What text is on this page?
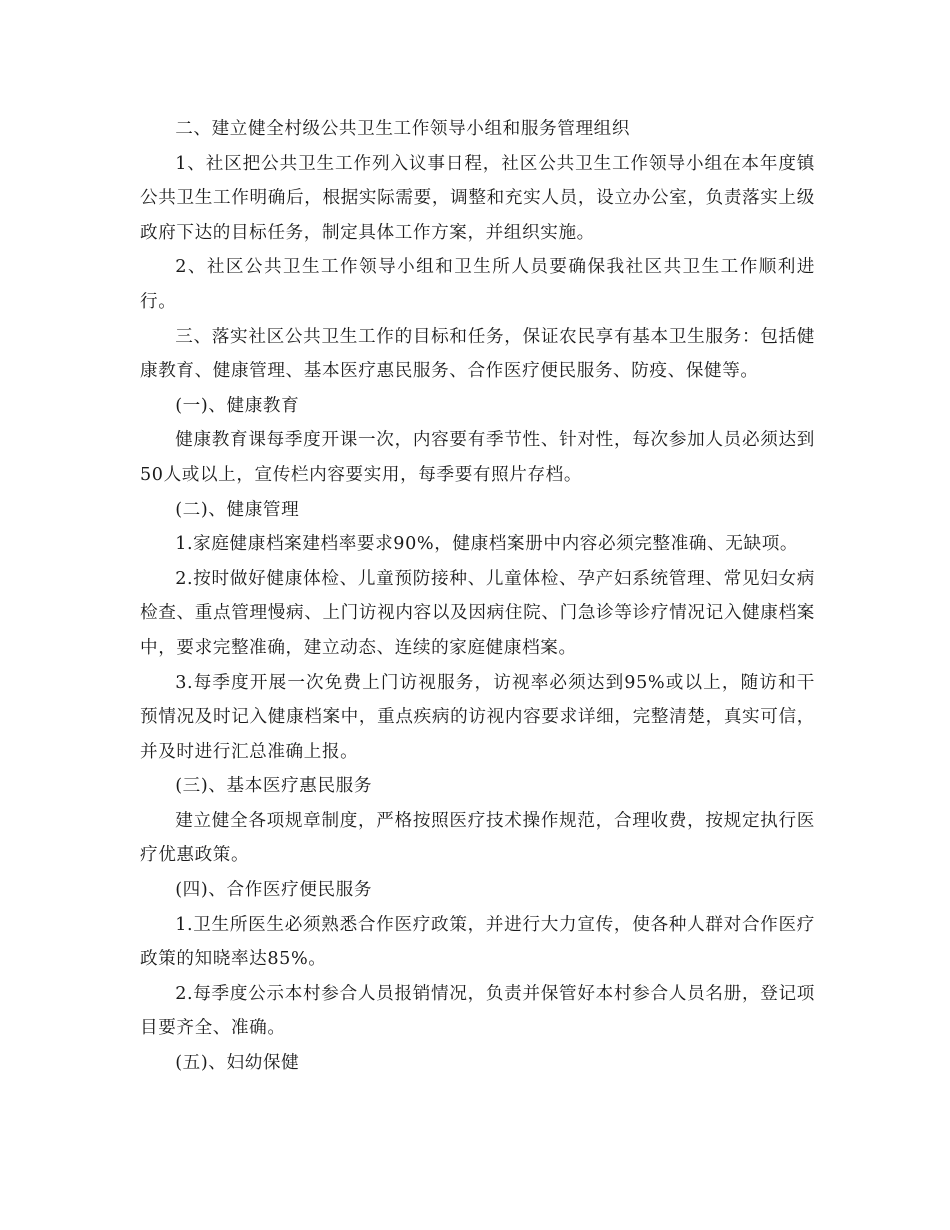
二、建立健全村级公共卫生工作领导小组和服务管理组织

1、社区把公共卫生工作列入议事日程，社区公共卫生工作领导小组在本年度镇公共卫生工作明确后，根据实际需要，调整和充实人员，设立办公室，负责落实上级政府下达的目标任务，制定具体工作方案，并组织实施。

2、社区公共卫生工作领导小组和卫生所人员要确保我社区共卫生工作顺利进行。

三、落实社区公共卫生工作的目标和任务，保证农民享有基本卫生服务：包括健康教育、健康管理、基本医疗惠民服务、合作医疗便民服务、防疫、保健等。

(一)、健康教育

健康教育课每季度开课一次，内容要有季节性、针对性，每次参加人员必须达到50人或以上，宣传栏内容要实用，每季要有照片存档。

(二)、健康管理

1.家庭健康档案建档率要求90%，健康档案册中内容必须完整准确、无缺项。

2.按时做好健康体检、儿童预防接种、儿童体检、孕产妇系统管理、常见妇女病检查、重点管理慢病、上门访视内容以及因病住院、门急诊等诊疗情况记入健康档案中，要求完整准确，建立动态、连续的家庭健康档案。

3.每季度开展一次免费上门访视服务，访视率必须达到95%或以上，随访和干预情况及时记入健康档案中，重点疾病的访视内容要求详细，完整清楚，真实可信，并及时进行汇总准确上报。

(三)、基本医疗惠民服务

建立健全各项规章制度，严格按照医疗技术操作规范，合理收费，按规定执行医疗优惠政策。

(四)、合作医疗便民服务

1.卫生所医生必须熟悉合作医疗政策，并进行大力宣传，使各种人群对合作医疗政策的知晓率达85%。

2.每季度公示本村参合人员报销情况，负责并保管好本村参合人员名册，登记项目要齐全、准确。

(五)、妇幼保健
